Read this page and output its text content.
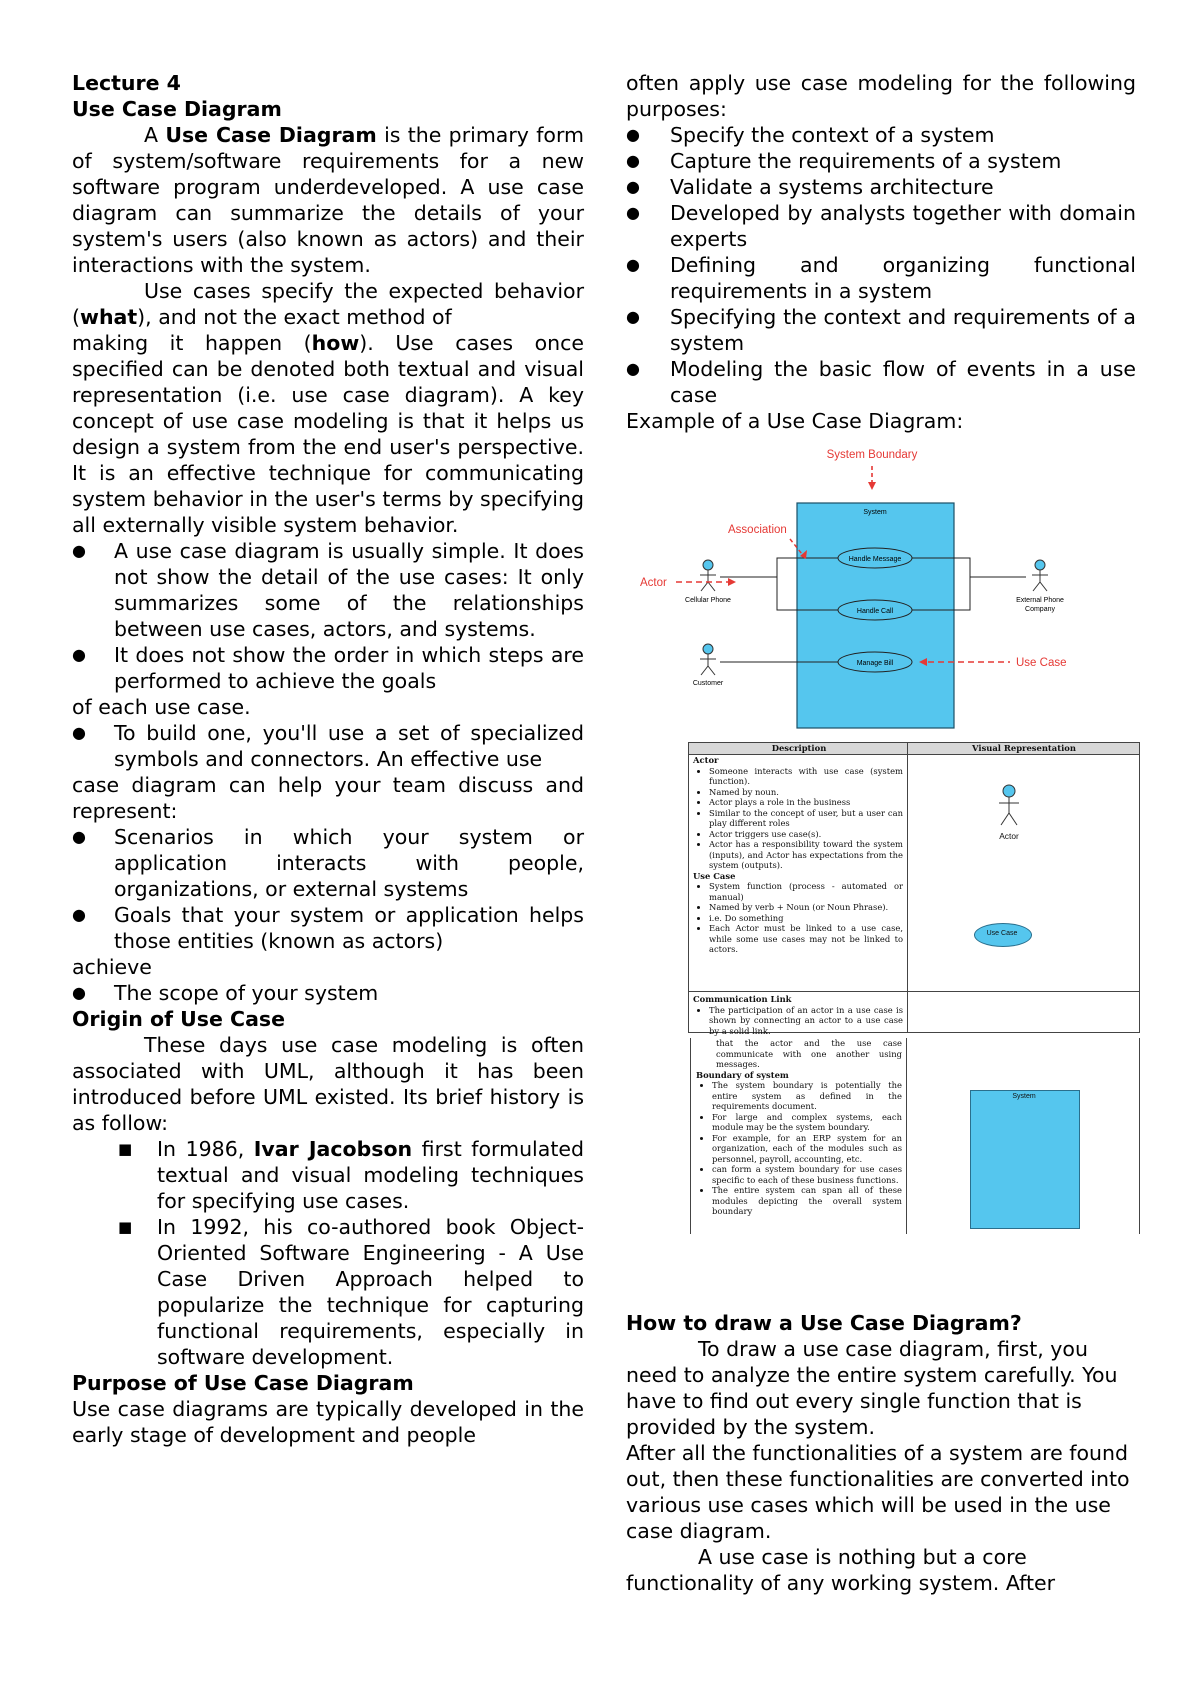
Lecture 4

Use Case Diagram

A Use Case Diagram is the primary form of system/software requirements for a new software program underdeveloped. A use case diagram can summarize the details of your system's users (also known as actors) and their interactions with the system.

Use cases specify the expected behavior (what), and not the exact method of

making it happen (how). Use cases once specified can be denoted both textual and visual representation (i.e. use case diagram). A key concept of use case modeling is that it helps us design a system from the end user's perspective. It is an effective technique for communicating system behavior in the user's terms by specifying all externally visible system behavior.

● A use case diagram is usually simple. It does not show the detail of the use cases: It only summarizes some of the relationships between use cases, actors, and systems.
● It does not show the order in which steps are performed to achieve the goals

of each use case.

● To build one, you'll use a set of specialized symbols and connectors. An effective use

case diagram can help your team discuss and represent:

● Scenarios in which your system or application interacts with people, organizations, or external systems
● Goals that your system or application helps those entities (known as actors)

achieve

● The scope of your system

Origin of Use Case

These days use case modeling is often associated with UML, although it has been introduced before UML existed. Its brief history is as follow:

■ In 1986, Ivar Jacobson first formulated textual and visual modeling techniques for specifying use cases.
■ In 1992, his co-authored book Object-Oriented Software Engineering - A Use Case Driven Approach helped to popularize the technique for capturing functional requirements, especially in software development.

Purpose of Use Case Diagram

Use case diagrams are typically developed in the early stage of development and people

often apply use case modeling for the following purposes:

● Specify the context of a system
● Capture the requirements of a system
● Validate a systems architecture
● Developed by analysts together with domain experts
● Defining and organizing functional requirements in a system
● Specifying the context and requirements of a system
● Modeling the basic flow of events in a use case

Example of a Use Case Diagram:

System Boundary
System
Handle Message
Handle Call
Manage Bill
Cellular Phone
Customer
External Phone
Company
Association
Actor
Use Case
Description	Visual Representation
Actor
• Someone interacts with use case (system function).
• Named by noun.
• Actor plays a role in the business
• Similar to the concept of user, but a user can play different roles
• Actor triggers use case(s).
• Actor has a responsibility toward the system (inputs), and Actor has expectations from the system (outputs).
Use Case
• System function (process - automated or manual)
• Named by verb + Noun (or Noun Phrase).
• i.e. Do something
• Each Actor must be linked to a use case, while some use cases may not be linked to actors.
Communication Link
• The participation of an actor in a use case is shown by connecting an actor to a use case by a solid link.
Actor
Use Case
that the actor and the use case communicate with one another using messages.
Boundary of system
• The system boundary is potentially the entire system as defined in the requirements document.
• For large and complex systems, each module may be the system boundary.
• For example, for an ERP system for an organization, each of the modules such as personnel, payroll, accounting, etc.
• can form a system boundary for use cases specific to each of these business functions.
• The entire system can span all of these modules depicting the overall system boundary
System

How to draw a Use Case Diagram?

To draw a use case diagram, first, you need to analyze the entire system carefully. You have to find out every single function that is provided by the system.

After all the functionalities of a system are found out, then these functionalities are converted into various use cases which will be used in the use case diagram.

A use case is nothing but a core functionality of any working system. After
